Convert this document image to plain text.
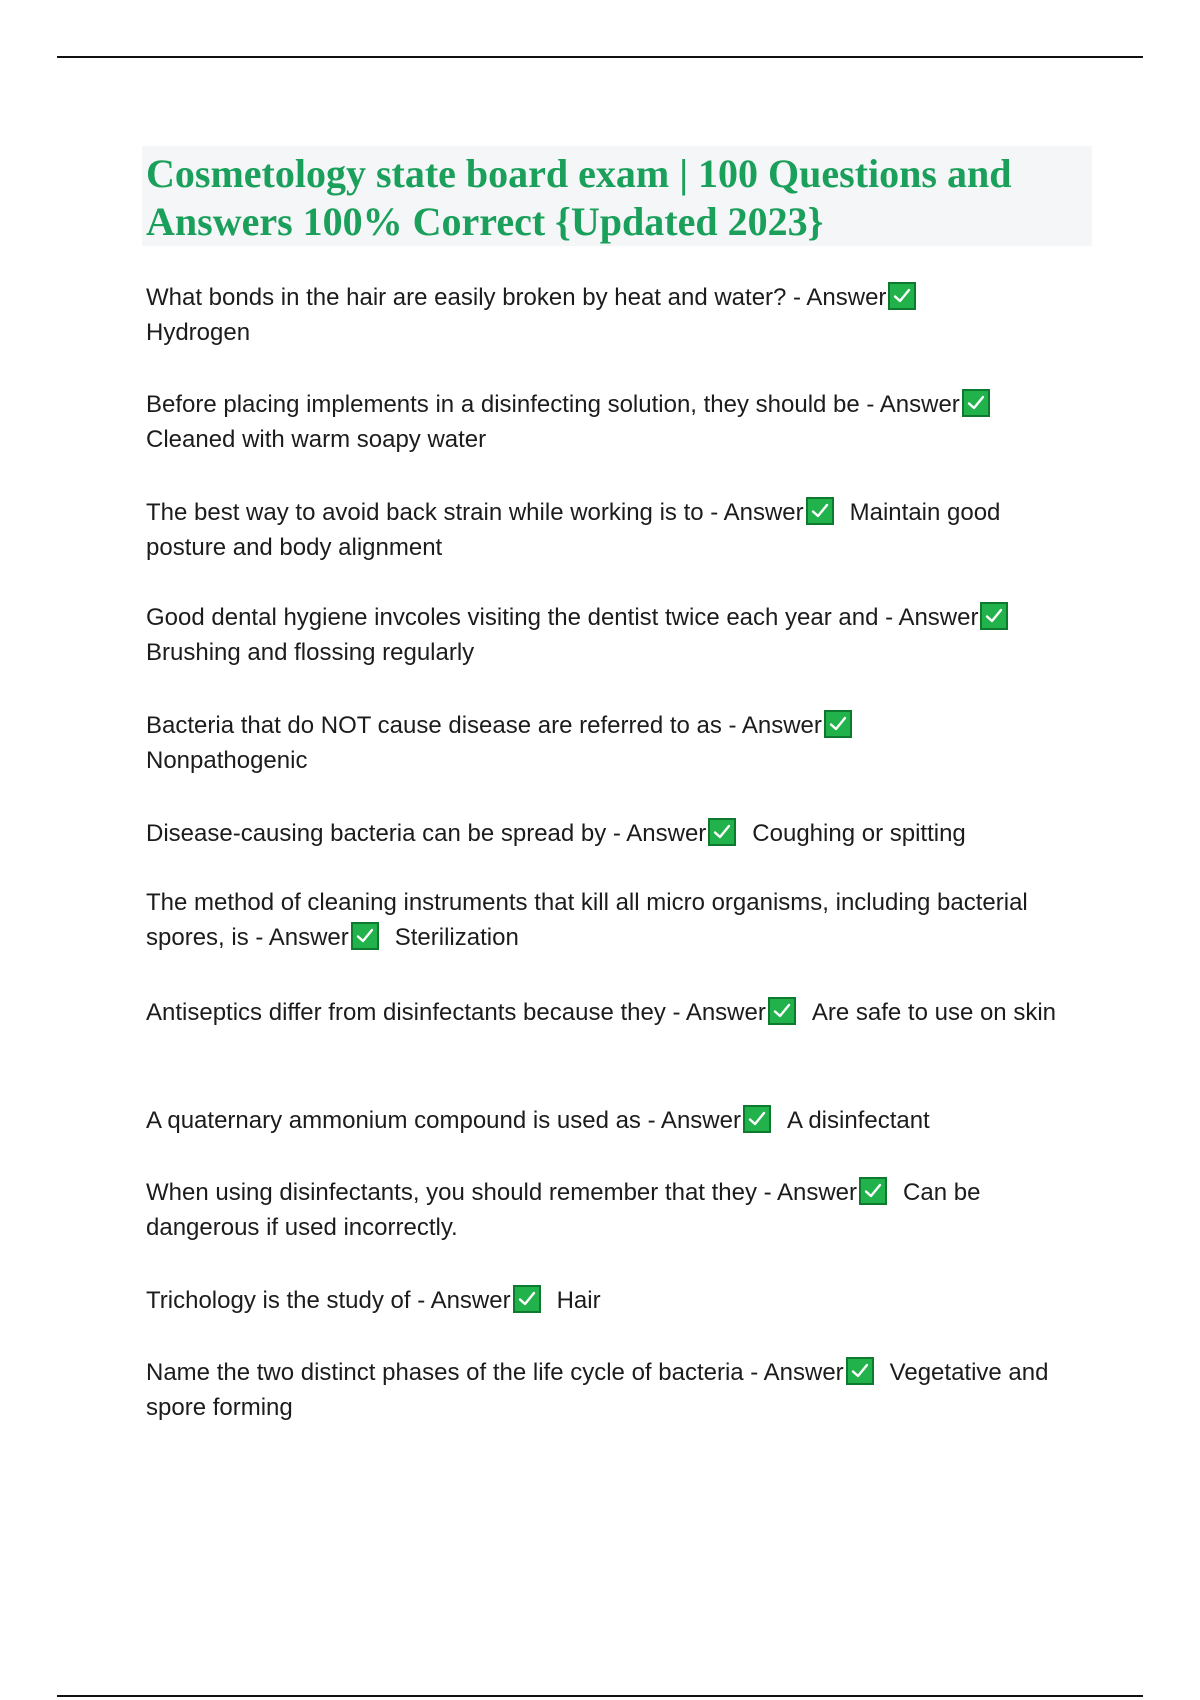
Cosmetology state board exam | 100 Questions and Answers 100% Correct {Updated 2023}
What bonds in the hair are easily broken by heat and water? - Answer

Hydrogen
Before placing implements in a disinfecting solution, they should be - Answer

Cleaned with warm soapy water
The best way to avoid back strain while working is to - Answer Maintain good posture and body alignment
Good dental hygiene invcoles visiting the dentist twice each year and - Answer

Brushing and flossing regularly
Bacteria that do NOT cause disease are referred to as - Answer

Nonpathogenic
Disease-causing bacteria can be spread by - Answer Coughing or spitting
The method of cleaning instruments that kill all micro organisms, including bacterial spores, is - Answer Sterilization
Antiseptics differ from disinfectants because they - Answer Are safe to use on skin
A quaternary ammonium compound is used as - Answer A disinfectant
When using disinfectants, you should remember that they - Answer Can be dangerous if used incorrectly.
Trichology is the study of - Answer Hair
Name the two distinct phases of the life cycle of bacteria - Answer Vegetative and spore forming
